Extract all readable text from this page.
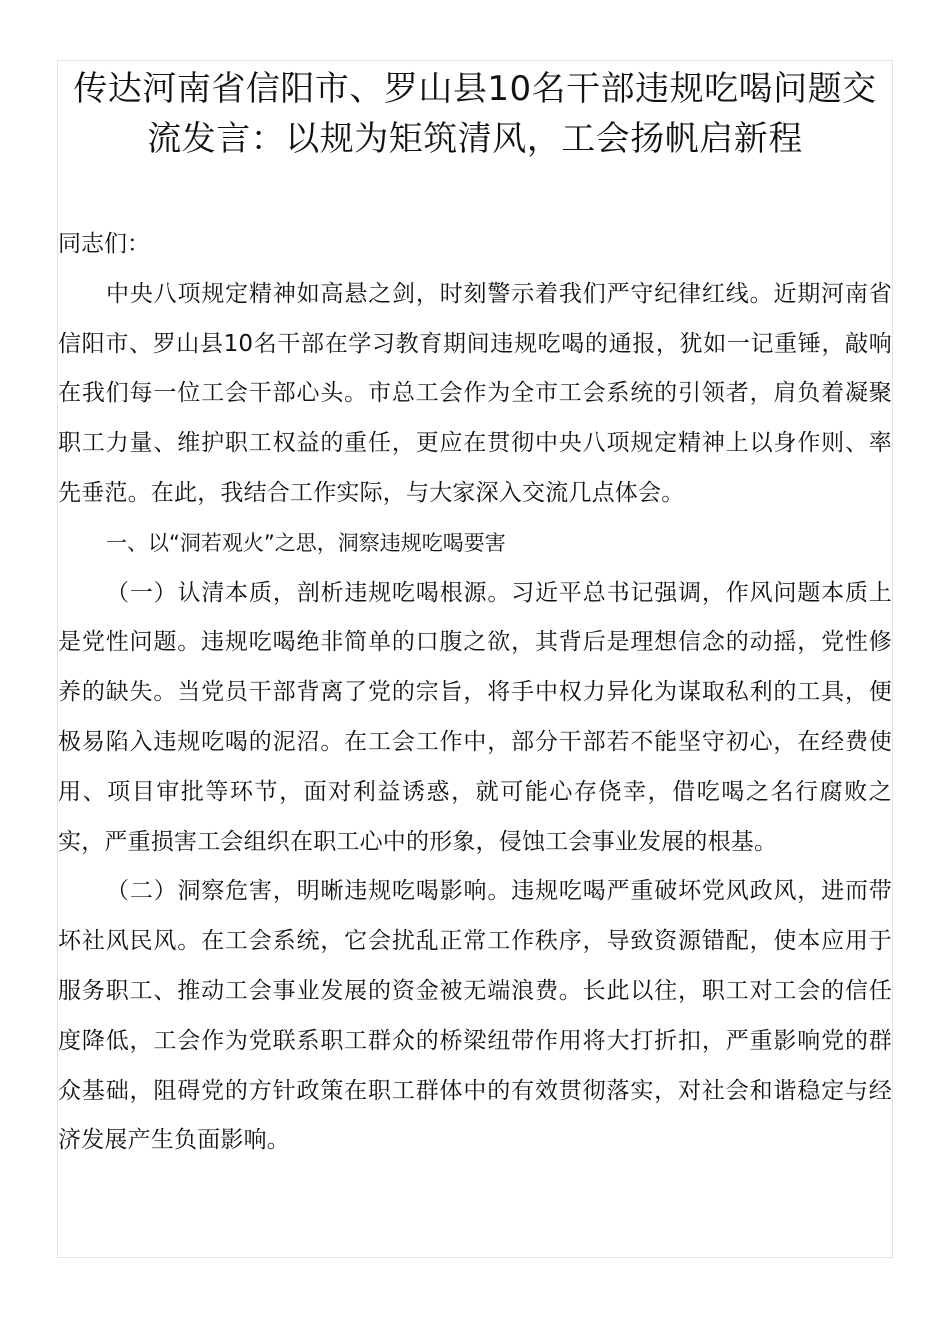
传达河南省信阳市、罗山县10名干部违规吃喝问题交流发言：以规为矩筑清风，工会扬帆启新程

同志们：

中央八项规定精神如高悬之剑，时刻警示着我们严守纪律红线。近期河南省信阳市、罗山县10名干部在学习教育期间违规吃喝的通报，犹如一记重锤，敲响在我们每一位工会干部心头。市总工会作为全市工会系统的引领者，肩负着凝聚职工力量、维护职工权益的重任，更应在贯彻中央八项规定精神上以身作则、率先垂范。在此，我结合工作实际，与大家深入交流几点体会。

一、以“洞若观火”之思，洞察违规吃喝要害

（一）认清本质，剖析违规吃喝根源。习近平总书记强调，作风问题本质上是党性问题。违规吃喝绝非简单的口腹之欲，其背后是理想信念的动摇，党性修养的缺失。当党员干部背离了党的宗旨，将手中权力异化为谋取私利的工具，便极易陷入违规吃喝的泥沼。在工会工作中，部分干部若不能坚守初心，在经费使用、项目审批等环节，面对利益诱惑，就可能心存侥幸，借吃喝之名行腐败之实，严重损害工会组织在职工心中的形象，侵蚀工会事业发展的根基。

（二）洞察危害，明晰违规吃喝影响。违规吃喝严重破坏党风政风，进而带坏社风民风。在工会系统，它会扰乱正常工作秩序，导致资源错配，使本应用于服务职工、推动工会事业发展的资金被无端浪费。长此以往，职工对工会的信任度降低，工会作为党联系职工群众的桥梁纽带作用将大打折扣，严重影响党的群众基础，阻碍党的方针政策在职工群体中的有效贯彻落实，对社会和谐稳定与经济发展产生负面影响。
